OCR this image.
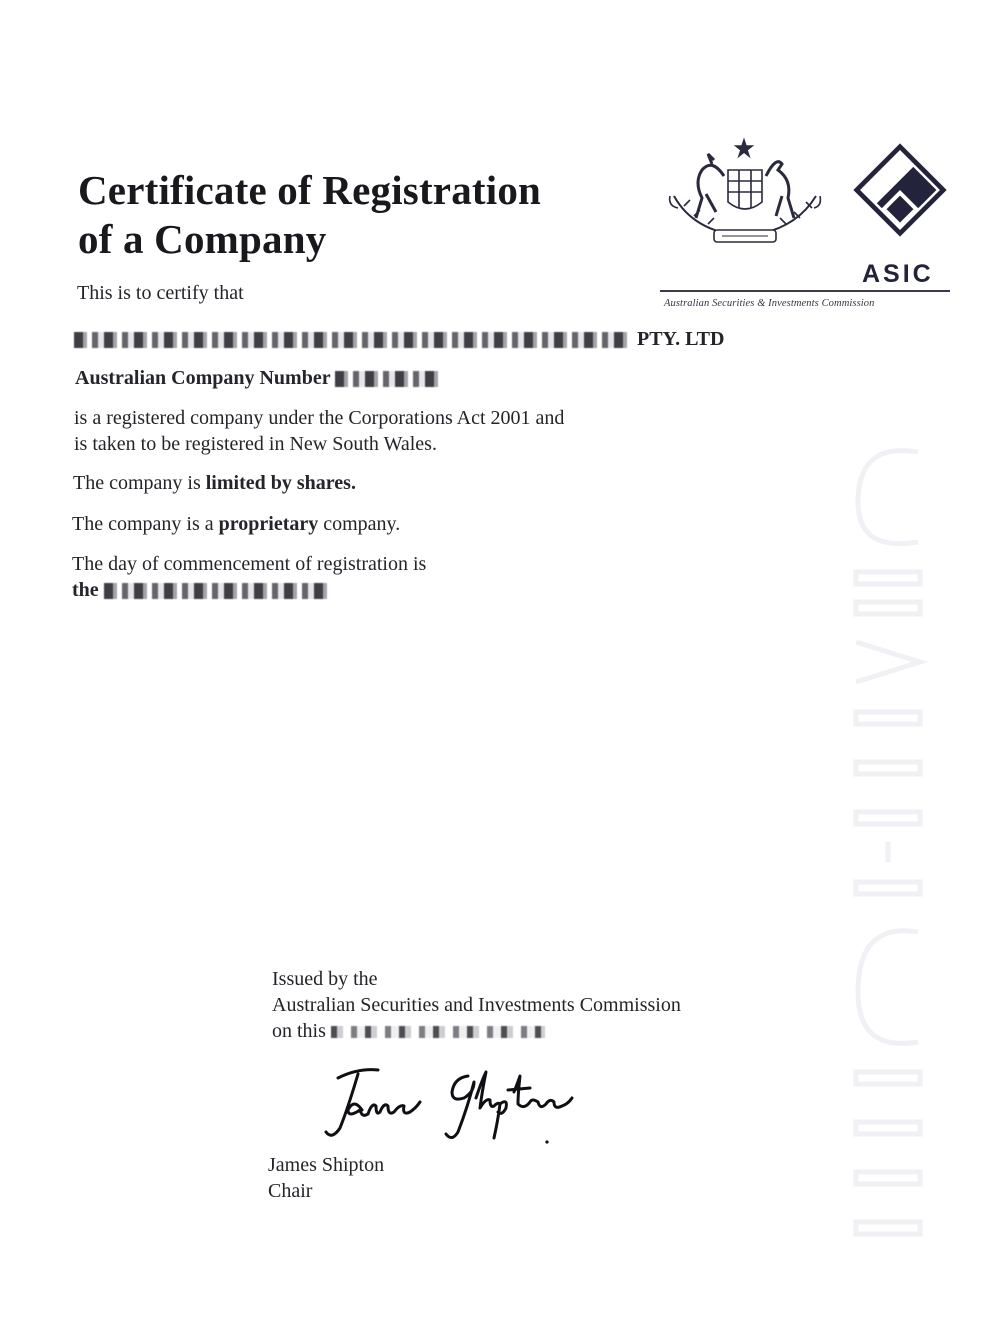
Certificate of Registration
of a Company
ASIC
Australian Securities & Investments Commission
This is to certify that
PTY. LTD
Australian Company Number
is a registered company under the Corporations Act 2001 and
is taken to be registered in New South Wales.
The company is limited by shares.
The company is a proprietary company.
The day of commencement of registration is
the
Issued by the
Australian Securities and Investments Commission
on this
James Shipton
Chair
